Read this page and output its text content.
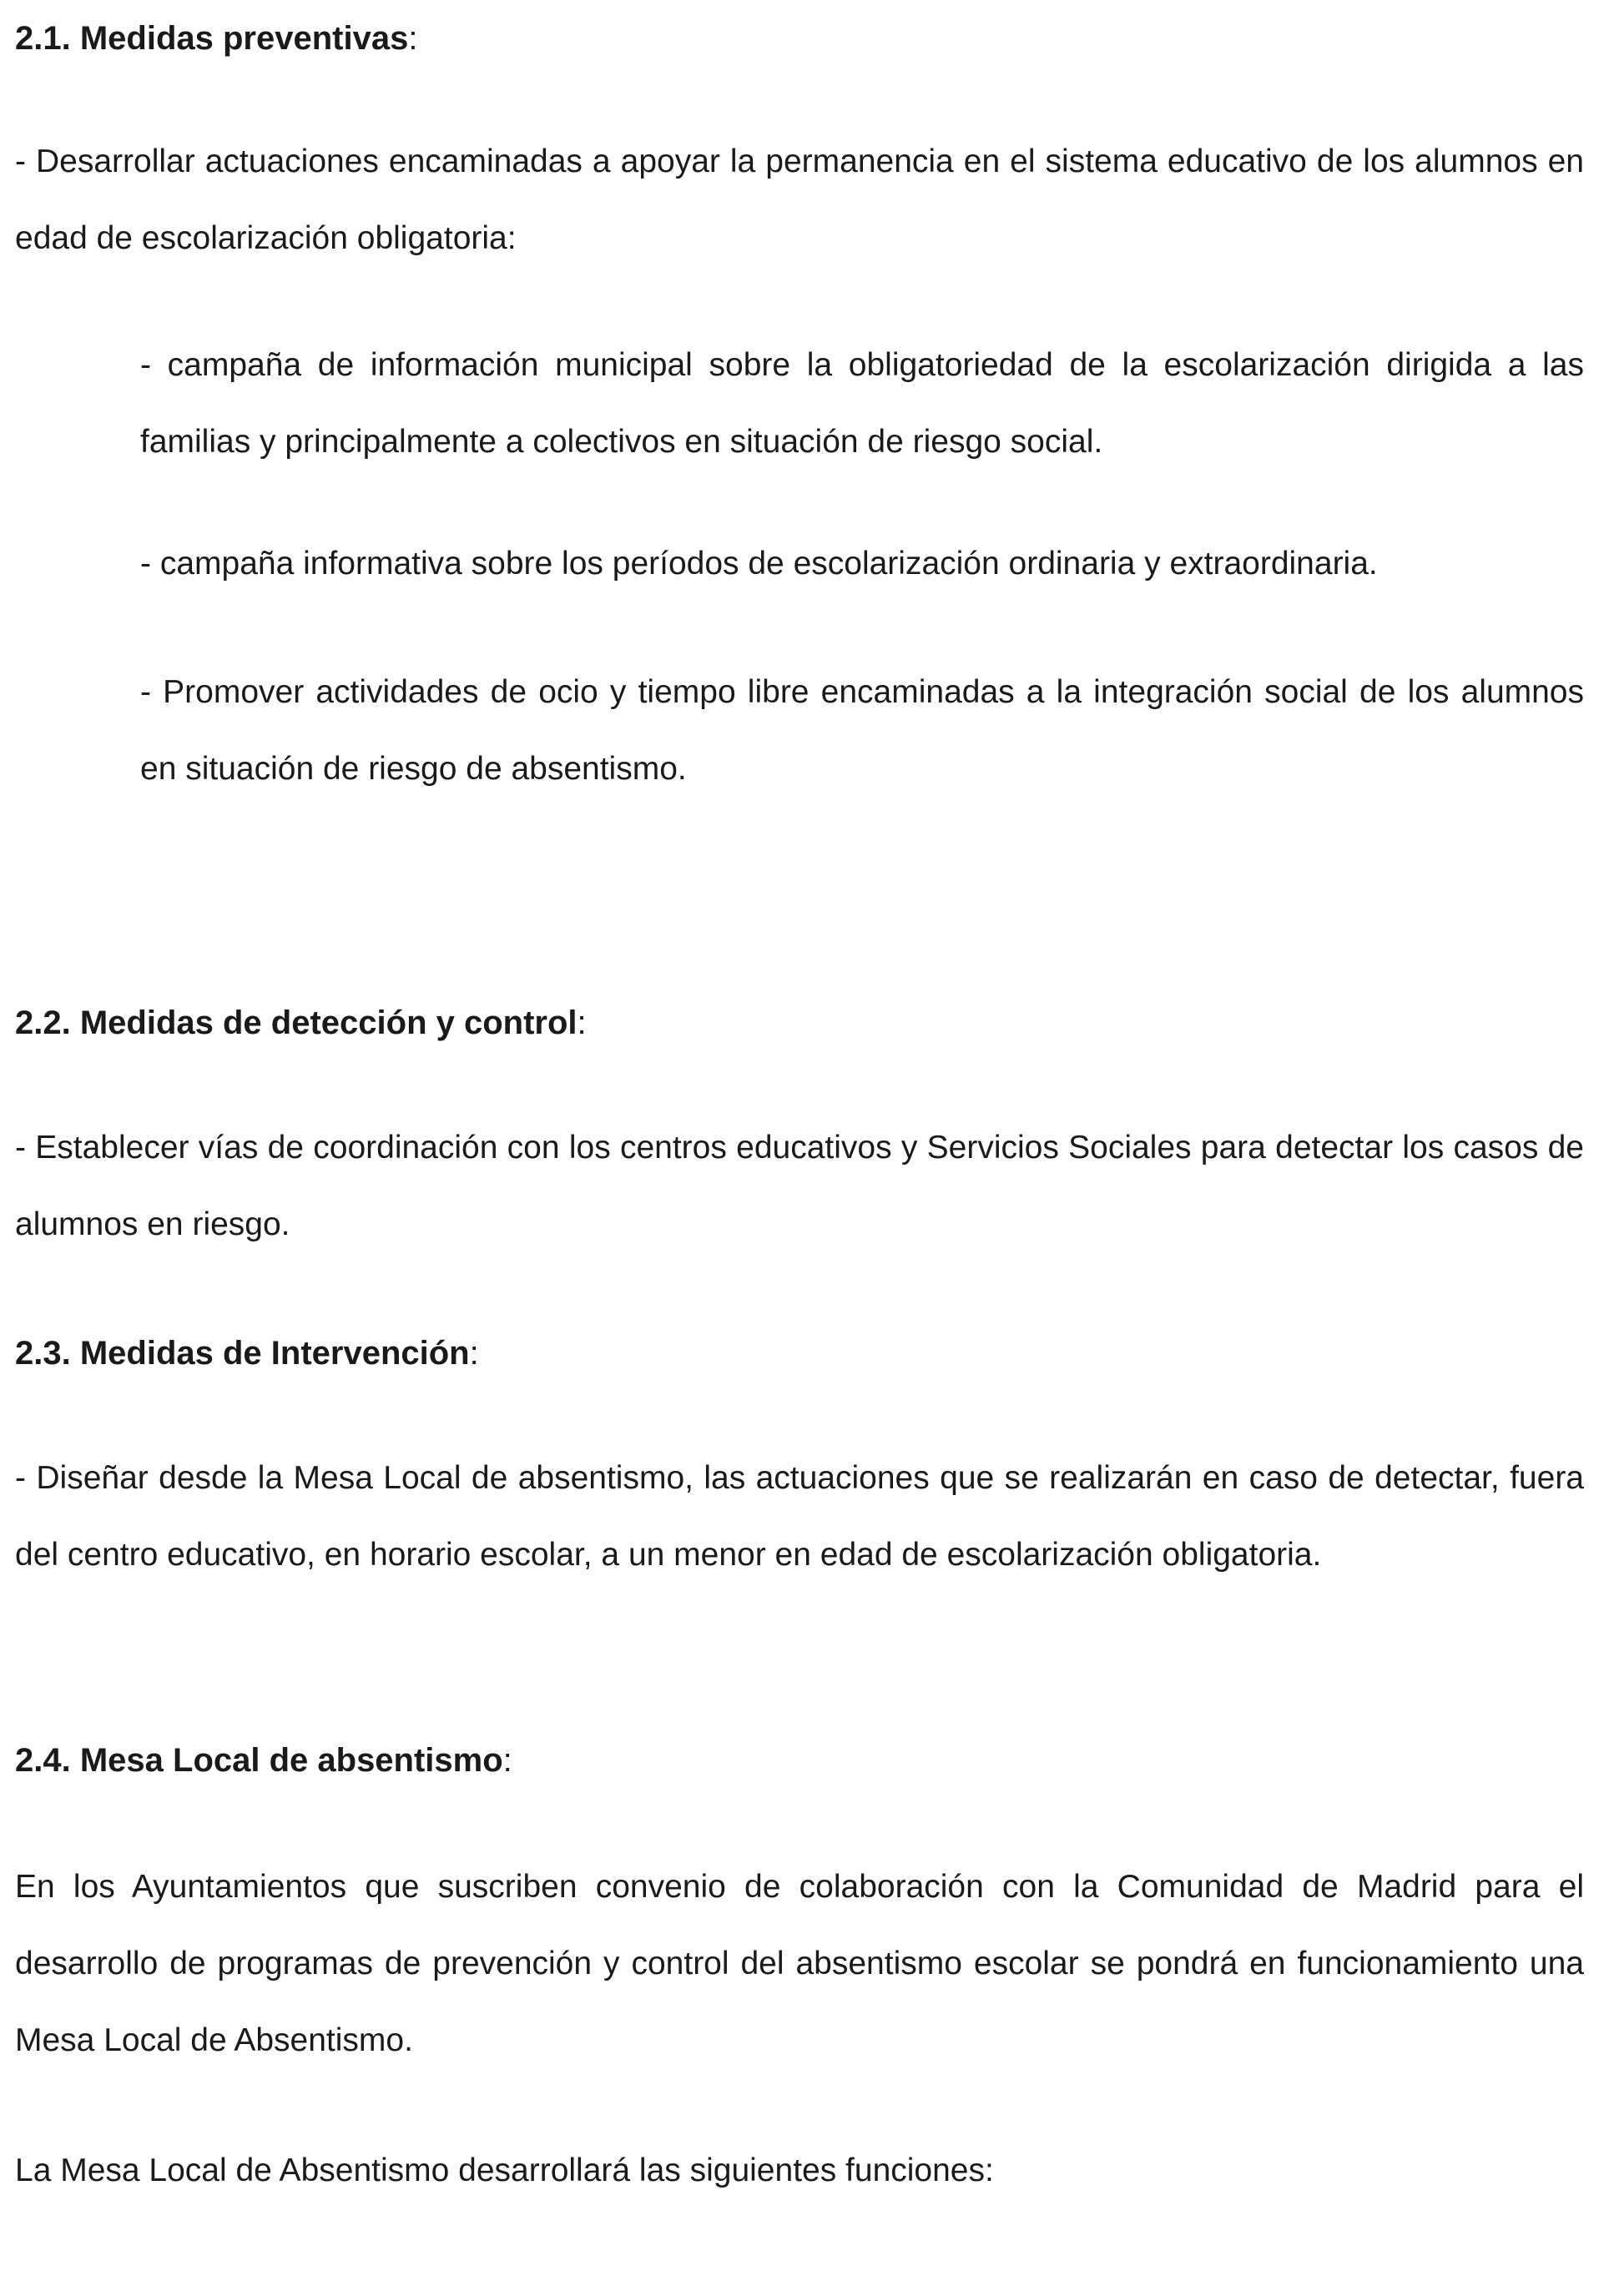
2.1. Medidas preventivas:

- Desarrollar actuaciones encaminadas a apoyar la permanencia en el sistema educativo de los alumnos en edad de escolarización obligatoria:

- campaña de información municipal sobre la obligatoriedad de la escolarización dirigida a las familias y principalmente a colectivos en situación de riesgo social.

- campaña informativa sobre los períodos de escolarización ordinaria y extraordinaria.

- Promover actividades de ocio y tiempo libre encaminadas a la integración social de los alumnos en situación de riesgo de absentismo.

2.2. Medidas de detección y control:

- Establecer vías de coordinación con los centros educativos y Servicios Sociales para detectar los casos de alumnos en riesgo.

2.3. Medidas de Intervención:

- Diseñar desde la Mesa Local de absentismo, las actuaciones que se realizarán en caso de detectar, fuera del centro educativo, en horario escolar, a un menor en edad de escolarización obligatoria.

2.4. Mesa Local de absentismo:

En los Ayuntamientos que suscriben convenio de colaboración con la Comunidad de Madrid para el desarrollo de programas de prevención y control del absentismo escolar se pondrá en funcionamiento una Mesa Local de Absentismo.

La Mesa Local de Absentismo desarrollará las siguientes funciones:
